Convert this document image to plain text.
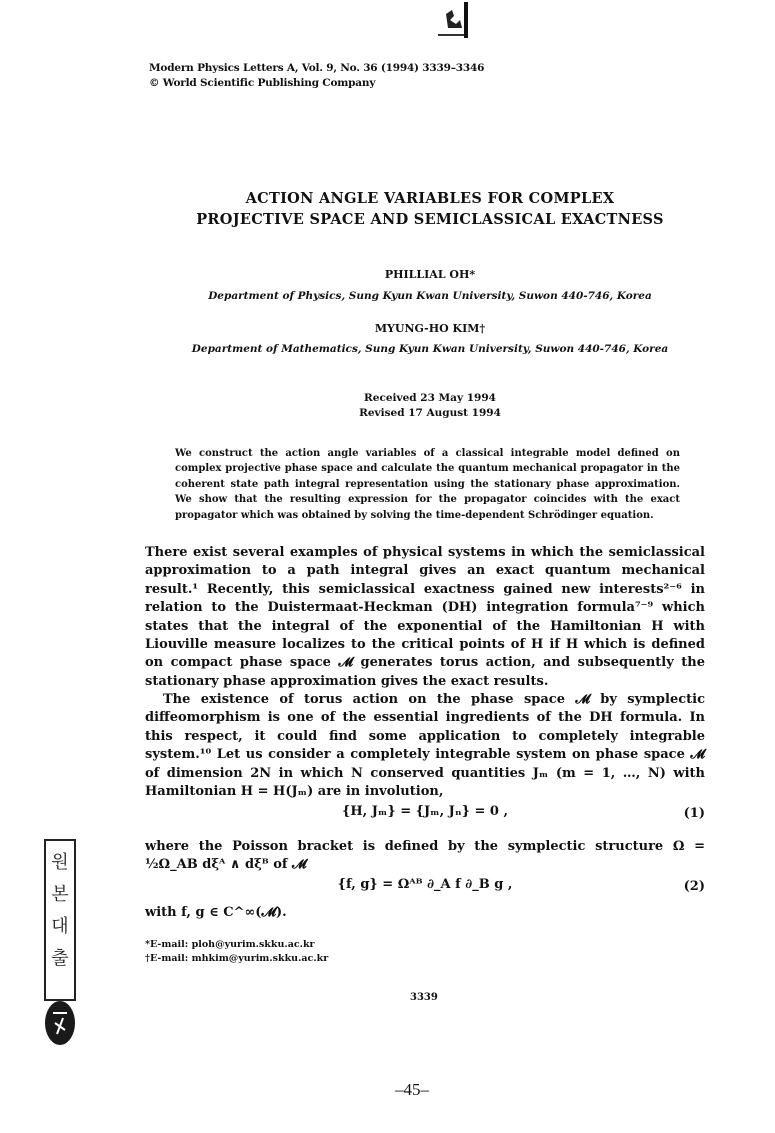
Modern Physics Letters A, Vol. 9, No. 36 (1994) 3339–3346
© World Scientific Publishing Company
ACTION ANGLE VARIABLES FOR COMPLEX
PROJECTIVE SPACE AND SEMICLASSICAL EXACTNESS
PHILLIAL OH*
Department of Physics, Sung Kyun Kwan University, Suwon 440-746, Korea
MYUNG-HO KIM†
Department of Mathematics, Sung Kyun Kwan University, Suwon 440-746, Korea
Received 23 May 1994
Revised 17 August 1994
We construct the action angle variables of a classical integrable model defined on complex projective phase space and calculate the quantum mechanical propagator in the coherent state path integral representation using the stationary phase approximation. We show that the resulting expression for the propagator coincides with the exact propagator which was obtained by solving the time-dependent Schrödinger equation.
There exist several examples of physical systems in which the semiclassical approximation to a path integral gives an exact quantum mechanical result.¹ Recently, this semiclassical exactness gained new interests²⁻⁶ in relation to the Duistermaat-Heckman (DH) integration formula⁷⁻⁹ which states that the integral of the exponential of the Hamiltonian H with Liouville measure localizes to the critical points of H if H which is defined on compact phase space 𝓜 generates torus action, and subsequently the stationary phase approximation gives the exact results.
The existence of torus action on the phase space 𝓜 by symplectic diffeomorphism is one of the essential ingredients of the DH formula. In this respect, it could find some application to completely integrable system.¹⁰ Let us consider a completely integrable system on phase space 𝓜 of dimension 2N in which N conserved quantities Jₘ (m = 1, …, N) with Hamiltonian H = H(Jₘ) are in involution,
{H, Jₘ} = {Jₘ, Jₙ} = 0 ,	(1)
where the Poisson bracket is defined by the symplectic structure Ω = ½Ω_AB dξᴬ ∧ dξᴮ of 𝓜
{f, g} = Ωᴬᴮ ∂_A f ∂_B g ,	(2)
with f, g ∈ C^∞(𝓜).
*E-mail: ploh@yurim.skku.ac.kr
†E-mail: mhkim@yurim.skku.ac.kr
3339
–45–
원
본
대
출
